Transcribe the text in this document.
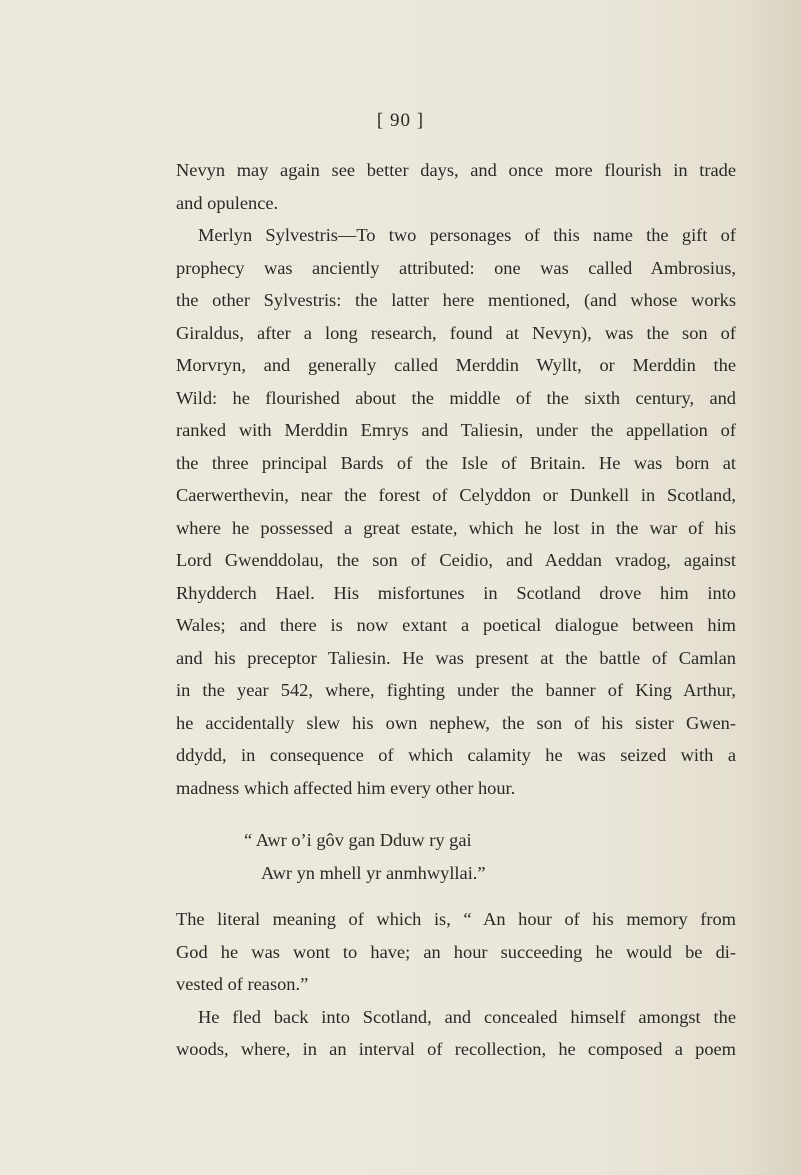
[ 90 ]
Nevyn may again see better days, and once more flourish in trade
and opulence.
Merlyn Sylvestris—To two personages of this name the gift of
prophecy was anciently attributed: one was called Ambrosius,
the other Sylvestris: the latter here mentioned, (and whose works
Giraldus, after a long research, found at Nevyn), was the son of
Morvryn, and generally called Merddin Wyllt, or Merddin the
Wild: he flourished about the middle of the sixth century, and
ranked with Merddin Emrys and Taliesin, under the appellation of
the three principal Bards of the Isle of Britain. He was born at
Caerwerthevin, near the forest of Celyddon or Dunkell in Scotland,
where he possessed a great estate, which he lost in the war of his
Lord Gwenddolau, the son of Ceidio, and Aeddan vradog, against
Rhydderch Hael. His misfortunes in Scotland drove him into
Wales; and there is now extant a poetical dialogue between him
and his preceptor Taliesin. He was present at the battle of Camlan
in the year 542, where, fighting under the banner of King Arthur,
he accidentally slew his own nephew, the son of his sister Gwen-
ddydd, in consequence of which calamity he was seized with a
madness which affected him every other hour.
“ Awr o’i gôv gan Dduw ry gai
Awr yn mhell yr anmhwyllai.”
The literal meaning of which is, “ An hour of his memory from
God he was wont to have; an hour succeeding he would be di-
vested of reason.”
He fled back into Scotland, and concealed himself amongst the
woods, where, in an interval of recollection, he composed a poem
